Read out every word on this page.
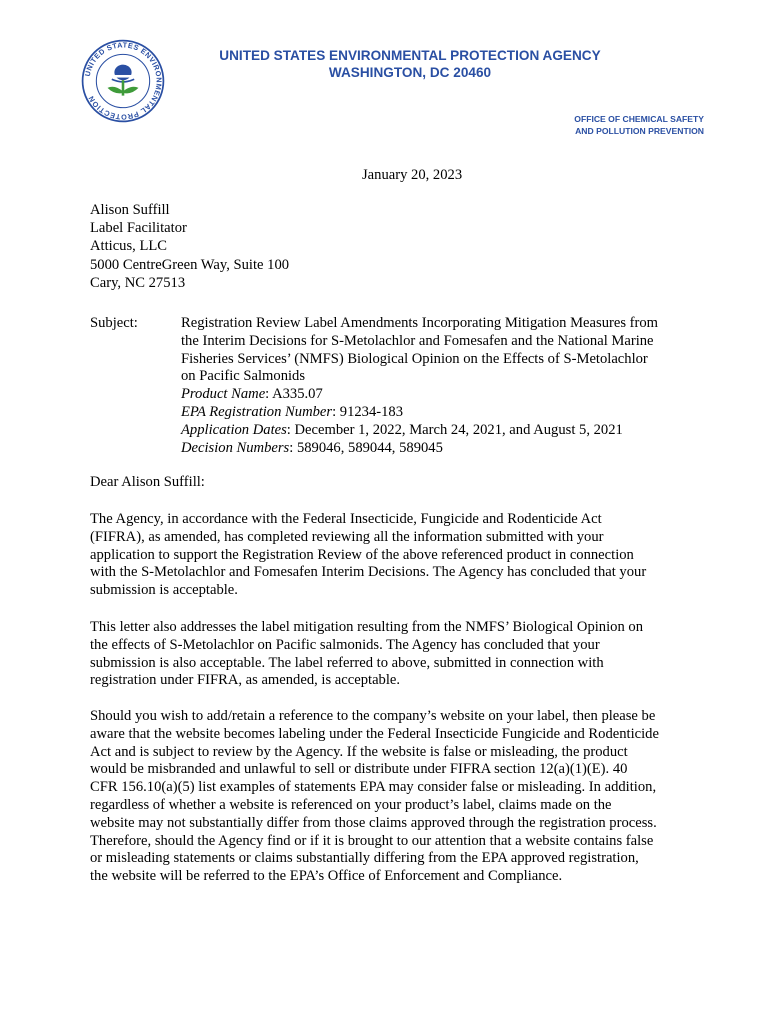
UNITED STATES ENVIRONMENTAL PROTECTION
UNITED STATES ENVIRONMENTAL PROTECTION AGENCY
WASHINGTON, DC 20460
OFFICE OF CHEMICAL SAFETY
AND POLLUTION PREVENTION
January 20, 2023
Alison Suffill
Label Facilitator
Atticus, LLC
5000 CentreGreen Way, Suite 100
Cary, NC 27513
Subject:	Registration Review Label Amendments Incorporating Mitigation Measures from
the Interim Decisions for S-Metolachlor and Fomesafen and the National Marine
Fisheries Services’ (NMFS) Biological Opinion on the Effects of S-Metolachlor
on Pacific Salmonids
Product Name: A335.07
EPA Registration Number: 91234-183
Application Dates: December 1, 2022, March 24, 2021, and August 5, 2021
Decision Numbers: 589046, 589044, 589045
Dear Alison Suffill:
The Agency, in accordance with the Federal Insecticide, Fungicide and Rodenticide Act
(FIFRA), as amended, has completed reviewing all the information submitted with your
application to support the Registration Review of the above referenced product in connection
with the S-Metolachlor and Fomesafen Interim Decisions. The Agency has concluded that your
submission is acceptable.
This letter also addresses the label mitigation resulting from the NMFS’ Biological Opinion on
the effects of S-Metolachlor on Pacific salmonids. The Agency has concluded that your
submission is also acceptable. The label referred to above, submitted in connection with
registration under FIFRA, as amended, is acceptable.
Should you wish to add/retain a reference to the company’s website on your label, then please be
aware that the website becomes labeling under the Federal Insecticide Fungicide and Rodenticide
Act and is subject to review by the Agency. If the website is false or misleading, the product
would be misbranded and unlawful to sell or distribute under FIFRA section 12(a)(1)(E). 40
CFR 156.10(a)(5) list examples of statements EPA may consider false or misleading. In addition,
regardless of whether a website is referenced on your product’s label, claims made on the
website may not substantially differ from those claims approved through the registration process.
Therefore, should the Agency find or if it is brought to our attention that a website contains false
or misleading statements or claims substantially differing from the EPA approved registration,
the website will be referred to the EPA’s Office of Enforcement and Compliance.
